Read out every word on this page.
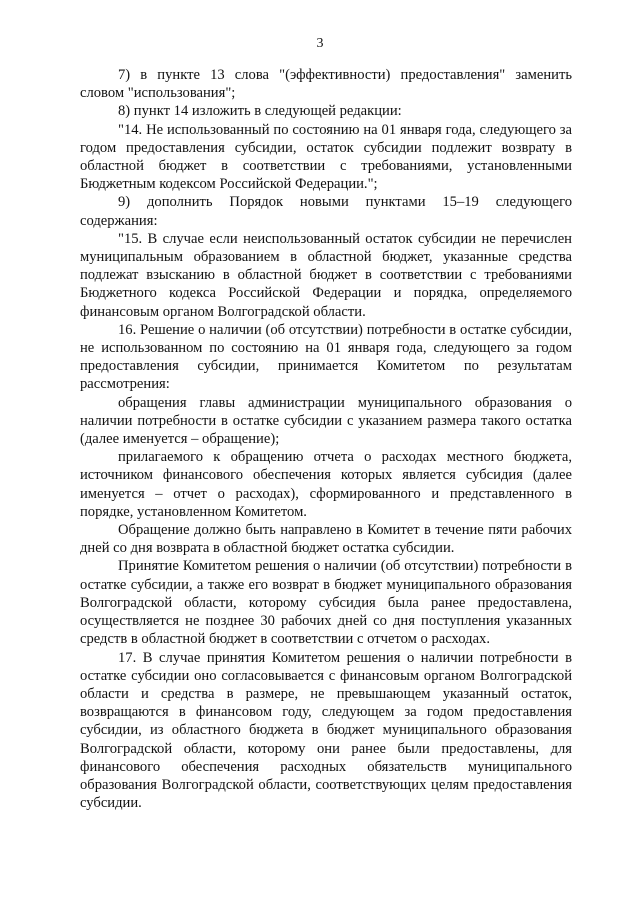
3

7) в пункте 13 слова "(эффективности) предоставления" заменить словом "использования";

8) пункт 14 изложить в следующей редакции:

"14. Не использованный по состоянию на 01 января года, следующего за годом предоставления субсидии, остаток субсидии подлежит возврату в областной бюджет в соответствии с требованиями, установленными Бюджетным кодексом Российской Федерации.";

9) дополнить Порядок новыми пунктами 15–19 следующего содержания:

"15. В случае если неиспользованный остаток субсидии не перечислен муниципальным образованием в областной бюджет, указанные средства подлежат взысканию в областной бюджет в соответствии с требованиями Бюджетного кодекса Российской Федерации и порядка, определяемого финансовым органом Волгоградской области.

16. Решение о наличии (об отсутствии) потребности в остатке субсидии, не использованном по состоянию на 01 января года, следующего за годом предоставления субсидии, принимается Комитетом по результатам рассмотрения:

обращения главы администрации муниципального образования о наличии потребности в остатке субсидии с указанием размера такого остатка (далее именуется – обращение);

прилагаемого к обращению отчета о расходах местного бюджета, источником финансового обеспечения которых является субсидия (далее именуется – отчет о расходах), сформированного и представленного в порядке, установленном Комитетом.

Обращение должно быть направлено в Комитет в течение пяти рабочих дней со дня возврата в областной бюджет остатка субсидии.

Принятие Комитетом решения о наличии (об отсутствии) потребности в остатке субсидии, а также его возврат в бюджет муниципального образования Волгоградской области, которому субсидия была ранее предоставлена, осуществляется не позднее 30 рабочих дней со дня поступления указанных средств в областной бюджет в соответствии с отчетом о расходах.

17. В случае принятия Комитетом решения о наличии потребности в остатке субсидии оно согласовывается с финансовым органом Волгоградской области и средства в размере, не превышающем указанный остаток, возвращаются в финансовом году, следующем за годом предоставления субсидии, из областного бюджета в бюджет муниципального образования Волгоградской области, которому они ранее были предоставлены, для финансового обеспечения расходных обязательств муниципального образования Волгоградской области, соответствующих целям предоставления субсидии.
